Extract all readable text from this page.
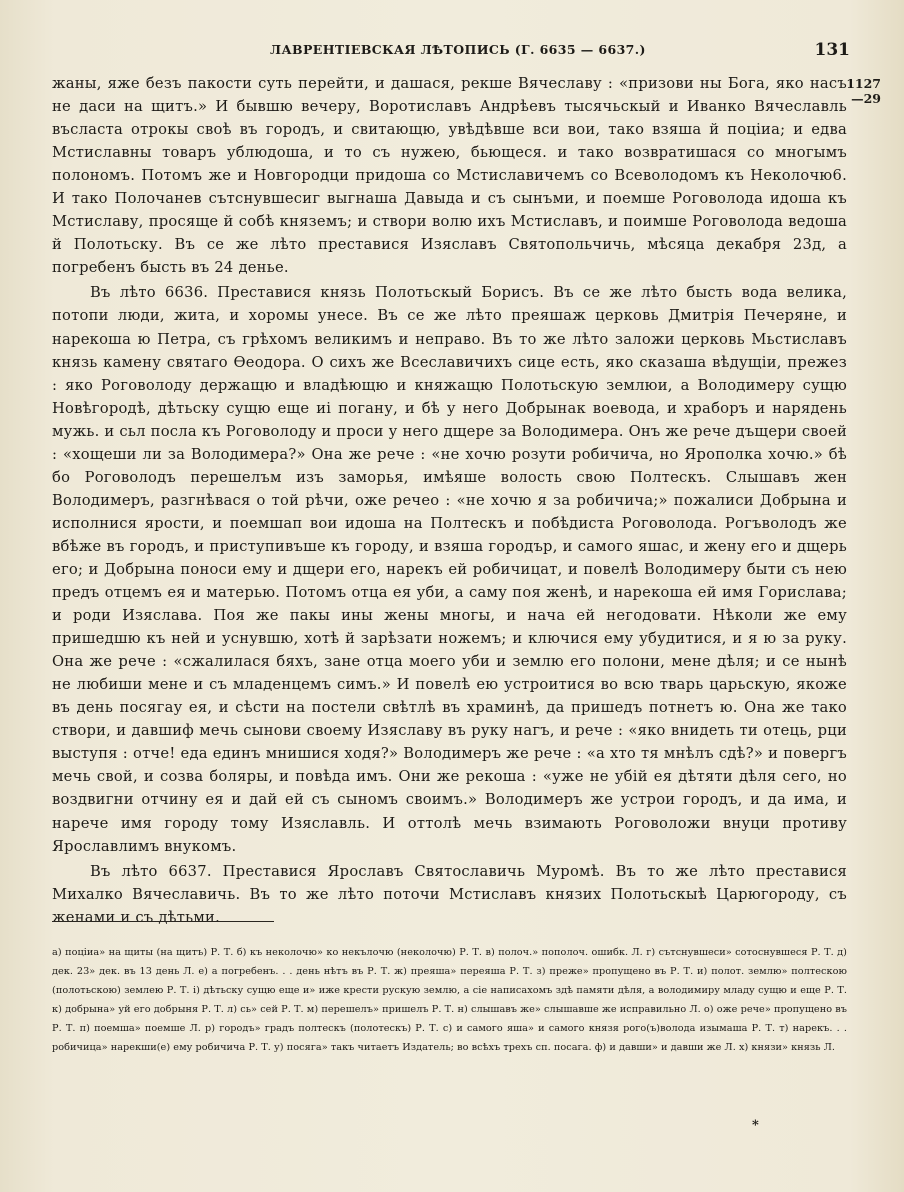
ЛАВРЕНТІЕВСКАЯ ЛѢТОПИСЬ (Г. 6635 — 6637.)	131
1127
—29

жаны, яже безъ пакости суть перейти, и дашася, рекше Вячеславу : «призови ны Бога, яко насъ не даси на щитъ.» И бывшю вечеру, Воротиславъ Андрѣевъ тысячьскый и Иванко Вячеславль въсласта отрокы своѣ въ городъ, и свитающю, увѣдѣвше вси вои, тако взяша й поціиа; и едва Мстиславны товаръ ублюдоша, и то съ нужею, бьющеся. и тако возвратишася со многымъ полономъ. Потомъ же и Новгородци придоша со Мстиславичемъ со Всеволодомъ къ Неколочю6. И тако Полочанев сътснувшесиг выгнаша Давыда и съ сынъми, и поемше Роговолода идоша къ Мстиславу, просяще й собѣ княземъ; и створи волю ихъ Мстиславъ, и поимше Роговолода ведоша й Полотьску. Въ се же лѣто преставися Изяславъ Святопольчичь, мѣсяца декабря 23д, а погребенъ бысть въ 24 деньe.

Въ лѣто 6636. Преставися князь Полотьскый Борисъ. Въ се же лѣто бысть вода велика, потопи люди, жита, и хоромы унесе. Въ се же лѣто преяшаж церковь Дмитрія Печеряне, и нарекоша ю Петра, съ грѣхомъ великимъ и неправо. Въ то же лѣто заложи церковь Мьстиславъ князь камену святаго Ѳеодора. О сихъ же Всеславичихъ сице есть, яко сказаша вѣдущіи, прежез : яко Роговолоду держащю и владѣющю и княжащю Полотьскую землюи, а Володимеру сущю Новѣгородѣ, дѣтьску сущю еще иі погану, и бѣ у него Добрынак воевода, и храборъ и нарядень мужь. и сьл посла къ Роговолоду и проси у него дщере за Володимера. Онъ же рече дъщери своей : «хощеши ли за Володимера?» Она же рече : «не хочю розути робичича, но Ярополка хочю.» бѣ бо Роговолодъ перешелъм изъ заморья, имѣяше волость свою Полтескъ. Слышавъ жен Володимеръ, разгнѣвася о той рѣчи, оже речеo : «не хочю я за робичича;» пожалиси Добрына и исполнися ярости, и поемшап вои идоша на Полтескъ и побѣдиста Роговолода. Рогъволодъ же вбѣже въ городъ, и приступивъше къ городу, и взяша городър, и самого яшас, и жену его и дщерь его; и Добрына поноси ему и дщери его, нарекъ ей робичицат, и повелѣ Володимеру быти съ нею предъ отцемъ ея и матерью. Потомъ отца ея уби, а саму поя женѣ, и нарекоша ей имя Горислава; и роди Изяслава. Поя же пакы ины жены многы, и нача ей негодовати. Нѣколи же ему пришедшю къ ней и уснувшю, хотѣ й зарѣзати ножемъ; и ключися ему убудитися, и я ю за руку. Она же рече : «сжалилася бяхъ, зане отца моего уби и землю его полони, мене дѣля; и се нынѣ не любиши мене и съ младенцемъ симъ.» И повелѣ ею устроитися во всю тварь царьскую, якоже въ день посягау ея, и сѣсти на постели свѣтлѣ въ храминѣ, да пришедъ потнетъ ю. Она же тако створи, и давшиф мечь сынови своему Изяславу въ руку нагъ, и рече : «яко внидеть ти отець, рци выступя : отче! еда единъ мнишися ходя?» Володимеръ же рече : «а хто тя мнѣлъ сдѣ?» и повергъ мечь свой, и созва боляры, и повѣда имъ. Они же рекоша : «уже не убій ея дѣтяти дѣля сего, но воздвигни отчину ея и дай ей съ сыномъ своимъ.» Володимеръ же устрои городъ, и да има, и нарече имя городу тому Изяславль. И оттолѣ мечь взимають Роговоложи внуци противу Ярославлимъ внукомъ.

Въ лѣто 6637. Преставися Ярославъ Святославичь Муромѣ. Въ то же лѣто преставися Михалко Вячеславичь. Въ то же лѣто поточи Мстиславъ князих Полотьскыѣ Царюгороду, съ женами и съ дѣтьми.

а) поціиа» на щиты (на щитъ) Р. Т. б) къ неколочю» ко некълочю (неколочю) Р. Т. в) полоч.» пополоч. ошибк. Л. г) сътснувшеси» сотоснувшеся Р. Т. д) дек. 23» дек. въ 13 день Л. е) а погребенъ. . . день нѣтъ въ Р. Т. ж) преяша» переяша Р. Т. з) преже» пропущено въ Р. Т. и) полот. землю» полтескою (полотьскою) землею Р. Т. і) дѣтьску сущю еще и» иже крести рускую землю, а сіе написахомъ здѣ памяти дѣля, а володимиру младу сущю и еще Р. Т. к) добрына» уй его добрыня Р. Т. л) сь» сей Р. Т. м) перешелъ» пришелъ Р. Т. н) слышавъ же» слышавше же исправильно Л. о) оже рече» пропущено въ Р. Т. п) поемша» поемше Л. р) городъ» градъ полтескъ (полотескъ) Р. Т. с) и самого яша» и самого князя рого(ъ)волода изымаша Р. Т. т) нарекъ. . . робичица» нарекши(е) ему робичича Р. Т. у) посяга» такъ читаетъ Издатель; во всѣхъ трехъ сп. посага. ф) и давши» и давши же Л. х) князи» князь Л.

*
